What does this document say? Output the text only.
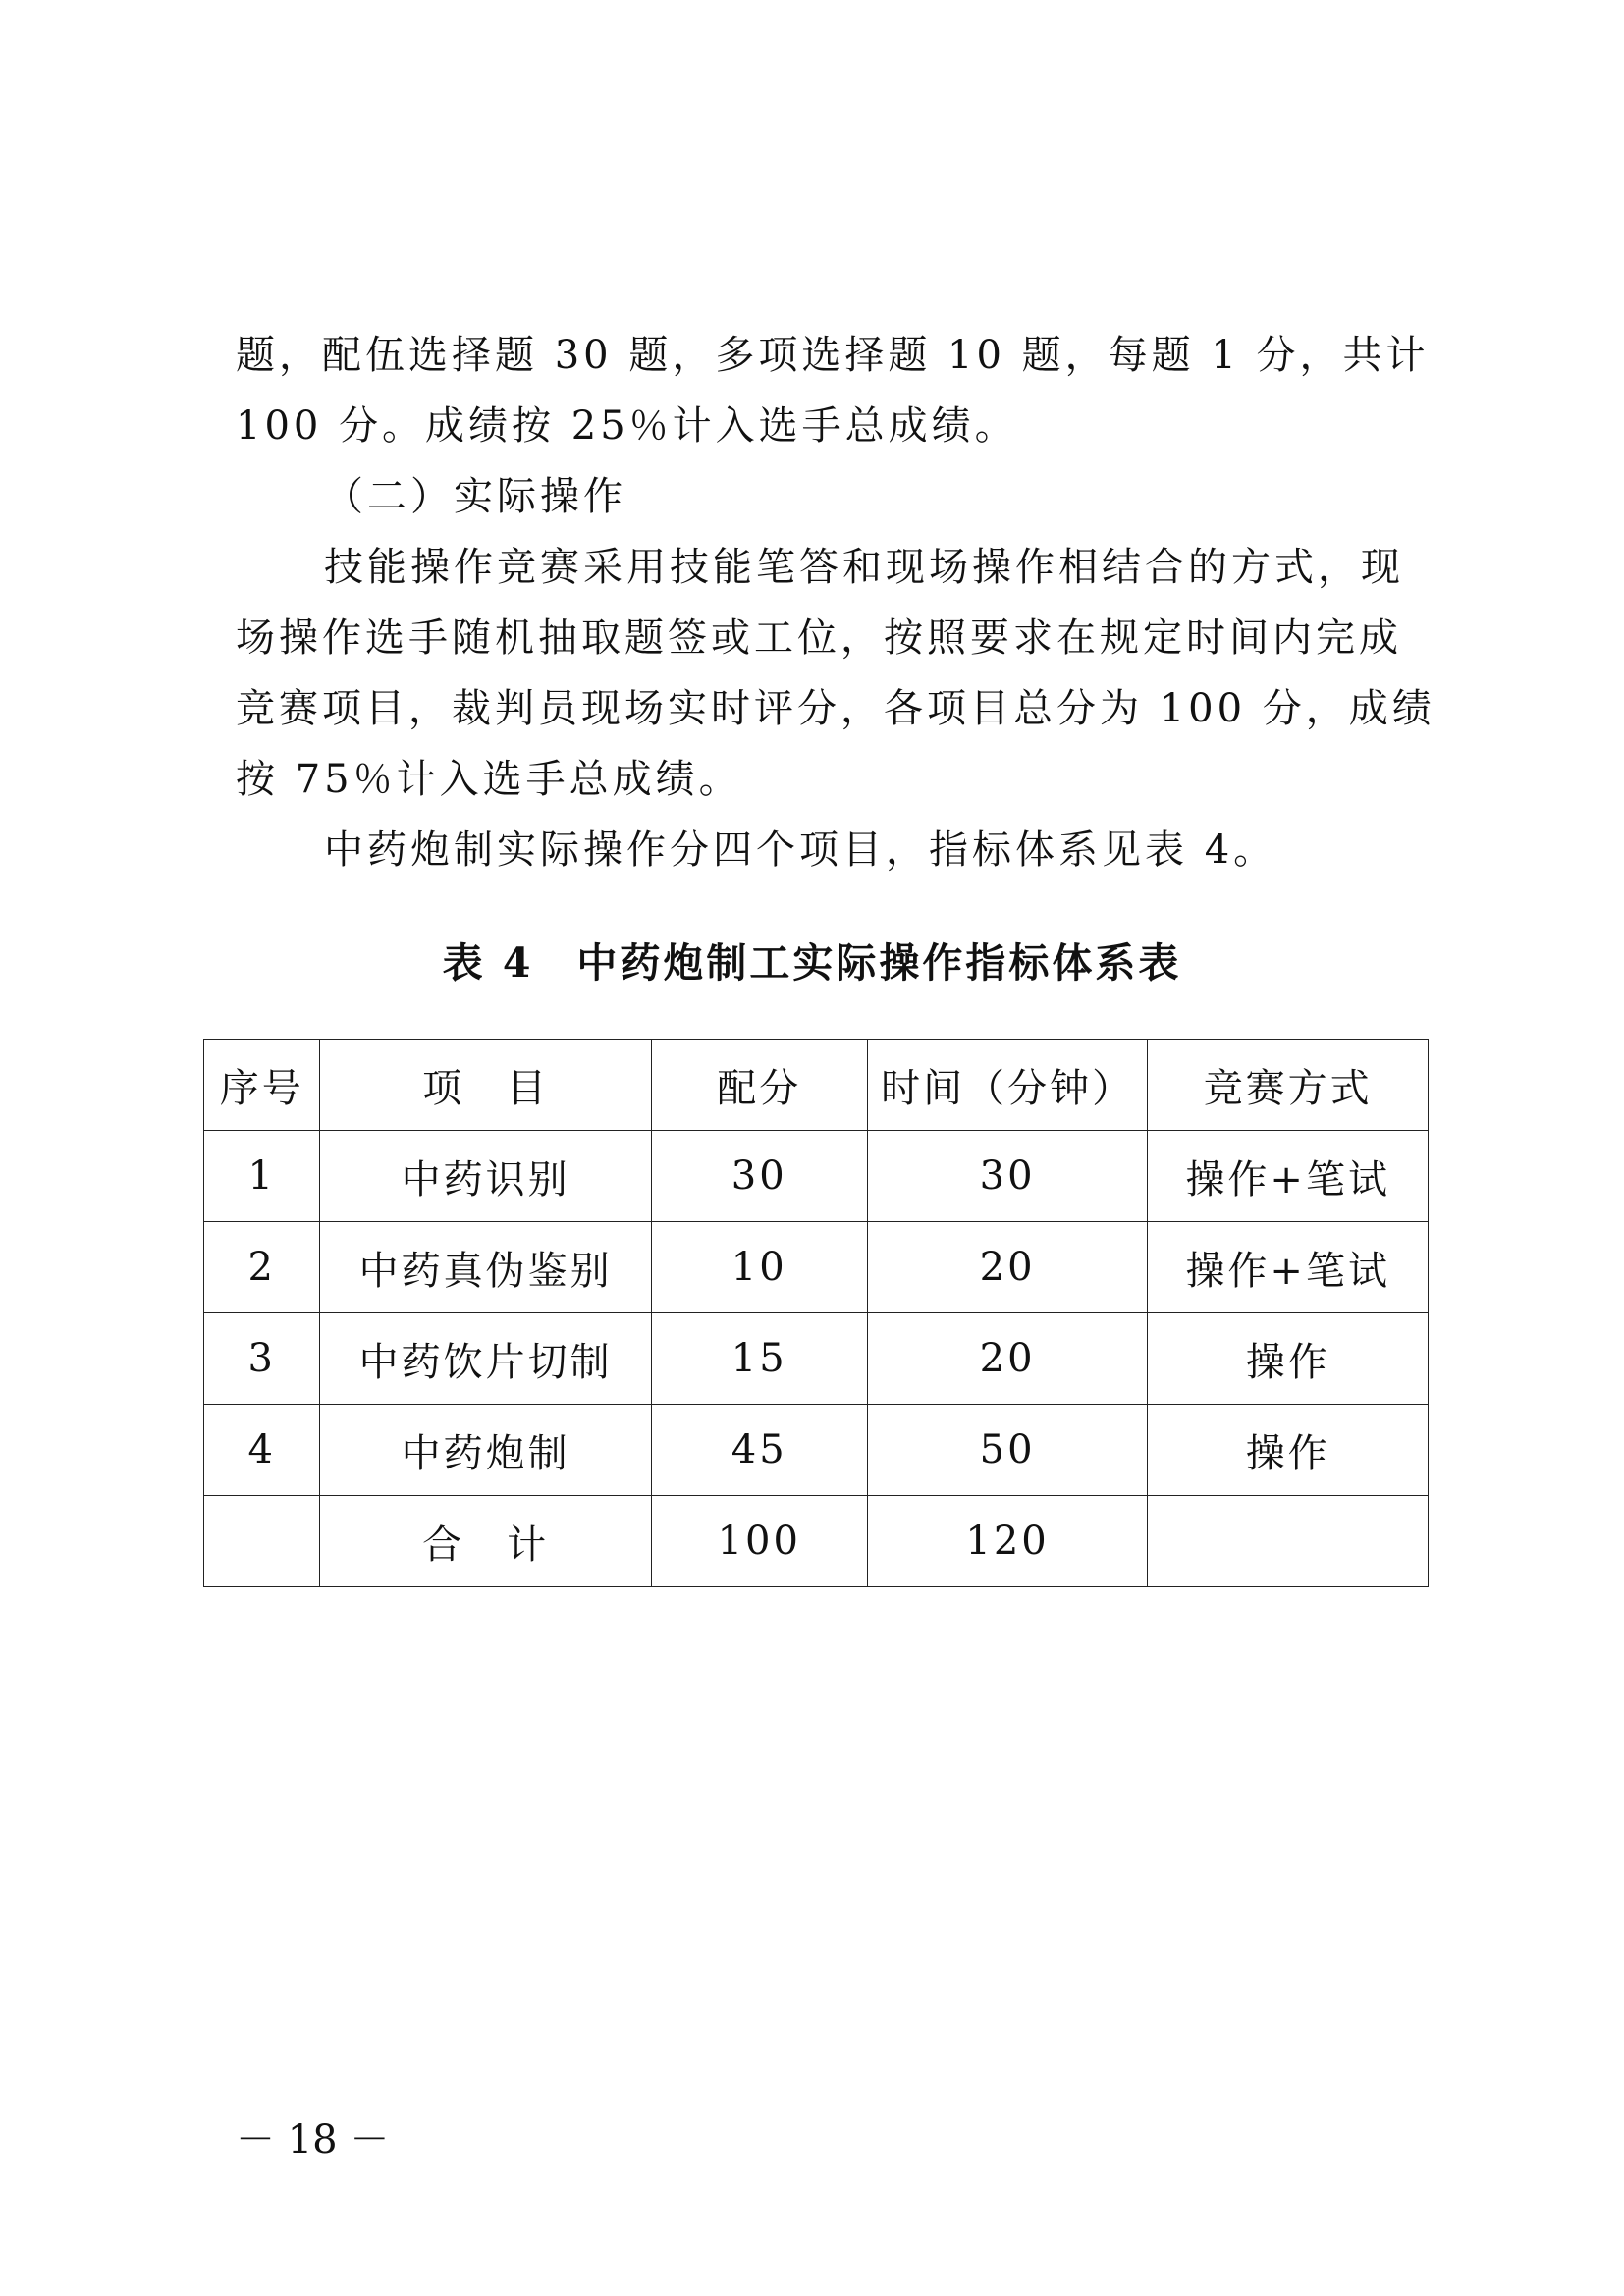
题，配伍选择题 30 题，多项选择题 10 题，每题 1 分，共计
100 分。成绩按 25％计入选手总成绩。
（二）实际操作
技能操作竞赛采用技能笔答和现场操作相结合的方式，现
场操作选手随机抽取题签或工位，按照要求在规定时间内完成
竞赛项目，裁判员现场实时评分，各项目总分为 100 分，成绩
按 75％计入选手总成绩。
中药炮制实际操作分四个项目，指标体系见表 4。
表 4　中药炮制工实际操作指标体系表
序号	项　目	配分	时间（分钟）	竞赛方式
1	中药识别	30	30	操作+笔试
2	中药真伪鉴别	10	20	操作+笔试
3	中药饮片切制	15	20	操作
4	中药炮制	45	50	操作
	合　计	100	120	
－ 18 －
